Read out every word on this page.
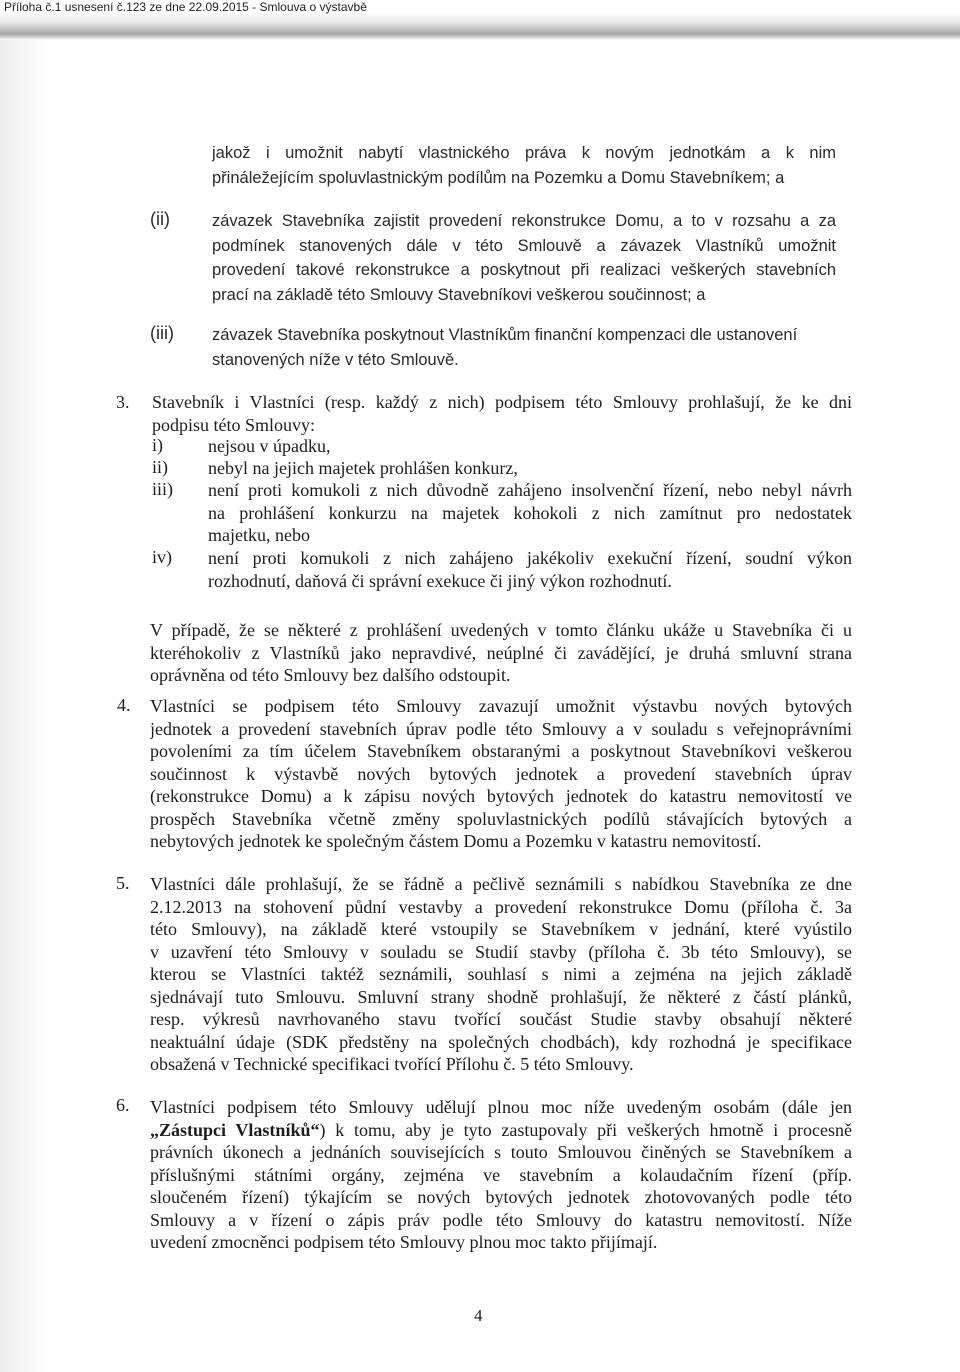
Příloha č.1 usnesení č.123 ze dne 22.09.2015 - Smlouva o výstavbě
jakož i umožnit nabytí vlastnického práva k novým jednotkám a k nim
přináležejícím spoluvlastnickým podílům na Pozemku a Domu Stavebníkem; a
(ii)	závazek Stavebníka zajistit provedení rekonstrukce Domu, a to v rozsahu a za
podmínek stanovených dále v této Smlouvě a závazek Vlastníků umožnit
provedení takové rekonstrukce a poskytnout při realizaci veškerých stavebních
prací na základě této Smlouvy Stavebníkovi veškerou součinnost; a
(iii) závazek Stavebníka poskytnout Vlastníkům finanční kompenzaci dle ustanovení
stanovených níže v této Smlouvě.
3. Stavebník i Vlastníci (resp. každý z nich) podpisem této Smlouvy prohlašují, že ke dni
podpisu této Smlouvy:
i)	nejsou v úpadku,
ii) nebyl na jejich majetek prohlášen konkurz,
iii) není proti komukoli z nich důvodně zahájeno insolvenční řízení, nebo nebyl návrh
na prohlášení konkurzu na majetek kohokoli z nich zamítnut pro nedostatek
majetku, nebo
iv) není proti komukoli z nich zahájeno jakékoliv exekuční řízení, soudní výkon
rozhodnutí, daňová či správní exekuce či jiný výkon rozhodnutí.
V případě, že se některé z prohlášení uvedených v tomto článku ukáže u Stavebníka či u
kteréhokoliv z Vlastníků jako nepravdivé, neúplné či zavádějící, je druhá smluvní strana
oprávněna od této Smlouvy bez dalšího odstoupit.
4. Vlastníci se podpisem této Smlouvy zavazují umožnit výstavbu nových bytových
jednotek a provedení stavebních úprav podle této Smlouvy a v souladu s veřejnoprávními
povoleními za tím účelem Stavebníkem obstaranými a poskytnout Stavebníkovi veškerou
součinnost k výstavbě nových bytových jednotek a provedení stavebních úprav
(rekonstrukce Domu) a k zápisu nových bytových jednotek do katastru nemovitostí ve
prospěch Stavebníka včetně změny spoluvlastnických podílů stávajících bytových a
nebytových jednotek ke společným částem Domu a Pozemku v katastru nemovitostí.
5. Vlastníci dále prohlašují, že se řádně a pečlivě seznámili s nabídkou Stavebníka ze dne
2.12.2013 na stohovení půdní vestavby a provedení rekonstrukce Domu (příloha č. 3a
této Smlouvy), na základě které vstoupily se Stavebníkem v jednání, které vyústilo
v uzavření této Smlouvy v souladu se Studií stavby (příloha č. 3b této Smlouvy), se
kterou se Vlastníci taktéž seznámili, souhlasí s nimi a zejména na jejich základě
sjednávají tuto Smlouvu. Smluvní strany shodně prohlašují, že některé z částí plánků,
resp. výkresů navrhovaného stavu tvořící součást Studie stavby obsahují některé
neaktuální údaje (SDK předstěny na společných chodbách), kdy rozhodná je specifikace
obsažená v Technické specifikaci tvořící Přílohu č. 5 této Smlouvy.
6. Vlastníci podpisem této Smlouvy udělují plnou moc níže uvedeným osobám (dále jen
„Zástupci Vlastníků“) k tomu, aby je tyto zastupovaly při veškerých hmotně i procesně
právních úkonech a jednáních souvisejících s touto Smlouvou činěných se Stavebníkem a
příslušnými státními orgány, zejména ve stavebním a kolaudačním řízení (příp.
sloučeném řízení) týkajícím se nových bytových jednotek zhotovovaných podle této
Smlouvy a v řízení o zápis práv podle této Smlouvy do katastru nemovitostí. Níže
uvedení zmocněnci podpisem této Smlouvy plnou moc takto přijímají.
4
